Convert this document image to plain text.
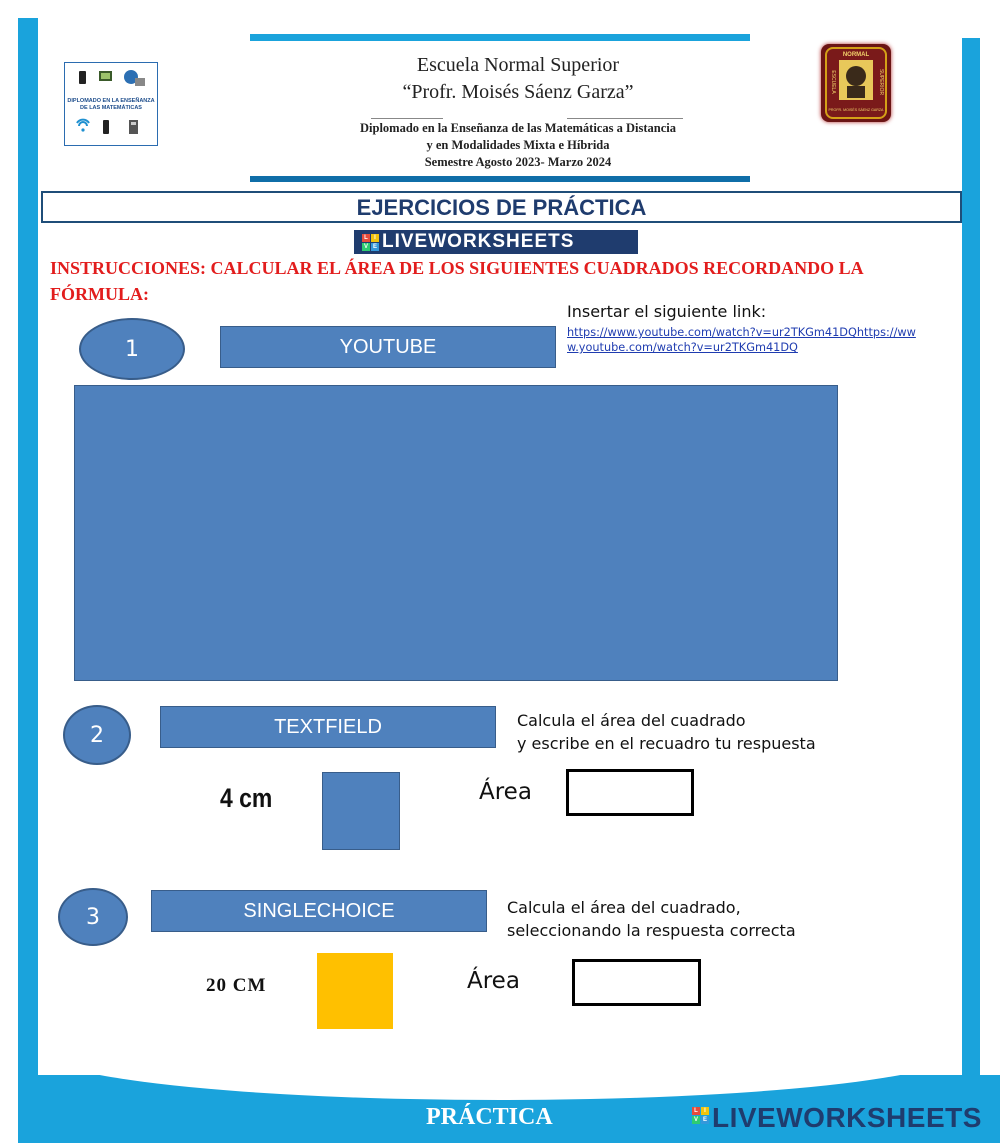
DIPLOMADO EN LA ENSEÑANZA DE LAS MATEMÁTICAS
Escuela Normal Superior
“Profr. Moisés Sáenz Garza”
Diplomado en la Enseñanza de las Matemáticas a Distancia
y en Modalidades Mixta e Híbrida
Semestre Agosto 2023- Marzo 2024
NORMAL
ESCUELA	SUPERIOR
PROFR. MOISÉS SÁENZ GARZA
EJERCICIOS DE PRÁCTICA
L	I
V E LIVEWORKSHEETS
INSTRUCCIONES: CALCULAR EL ÁREA DE LOS SIGUIENTES CUADRADOS RECORDANDO LA FÓRMULA:
1	YOUTUBE
Insertar el siguiente link:
https://www.youtube.com/watch?v=ur2TKGm41DQhttps://www.youtube.com/watch?v=ur2TKGm41DQ
2	TEXTFIELD	Calcula el área del cuadrado
y escribe en el recuadro tu respuesta
4 cm	Área
3	SINGLECHOICE	Calcula el área del cuadrado,
seleccionando la respuesta correcta
20 CM	Área
PRÁCTICA	L	I
V E LIVEWORKSHEETS
